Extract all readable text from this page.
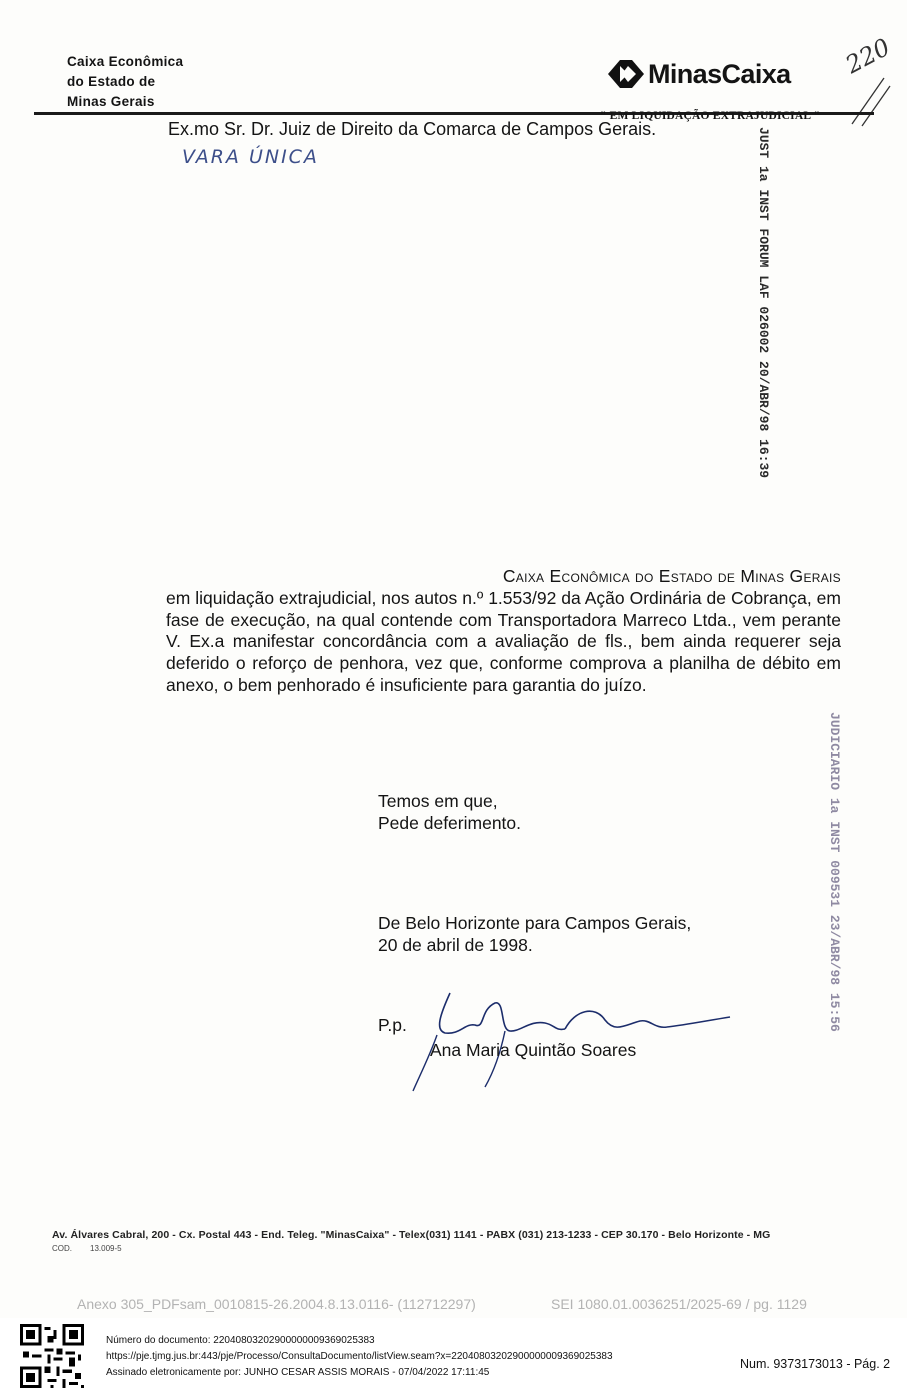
Caixa Econômica
do Estado de
Minas Gerais
MinasCaixa 220
" EM LIQUIDAÇÃO EXTRAJUDICIAL "
Ex.mo Sr. Dr. Juiz de Direito da Comarca de Campos Gerais.
VARA ÚNICA	JUST 1a INST FORUM LAF 026002 20/ABR/98 16:39
JUDICIARIO 1a INST 009531 23/ABR/98 15:56
Caixa Econômica do Estado de Minas Gerais
em liquidação extrajudicial, nos autos n.º 1.553/92 da Ação Ordinária de Cobrança, em fase de execução, na qual contende com Transportadora Marreco Ltda., vem perante V. Ex.a manifestar concordância com a avaliação de fls., bem ainda requerer seja deferido o reforço de penhora, vez que, conforme comprova a planilha de débito em anexo, o bem penhorado é insuficiente para garantia do juízo.
Temos em que,
Pede deferimento.
De Belo Horizonte para Campos Gerais,
20 de abril de 1998.
P.p.
Ana Maria Quintão Soares
Av. Álvares Cabral, 200 - Cx. Postal 443 - End. Teleg. "MinasCaixa" - Telex(031) 1141 - PABX (031) 213-1233 - CEP 30.170 - Belo Horizonte - MG
COD. 13.009-5
Anexo 305_PDFsam_0010815-26.2004.8.13.0116- (112712297)	SEI 1080.01.0036251/2025-69 / pg. 1129
Número do documento: 22040803202900000009369025383
https://pje.tjmg.jus.br:443/pje/Processo/ConsultaDocumento/listView.seam?x=22040803202900000009369025383
Assinado eletronicamente por: JUNHO CESAR ASSIS MORAIS - 07/04/2022 17:11:45
Num. 9373173013 - Pág. 2
